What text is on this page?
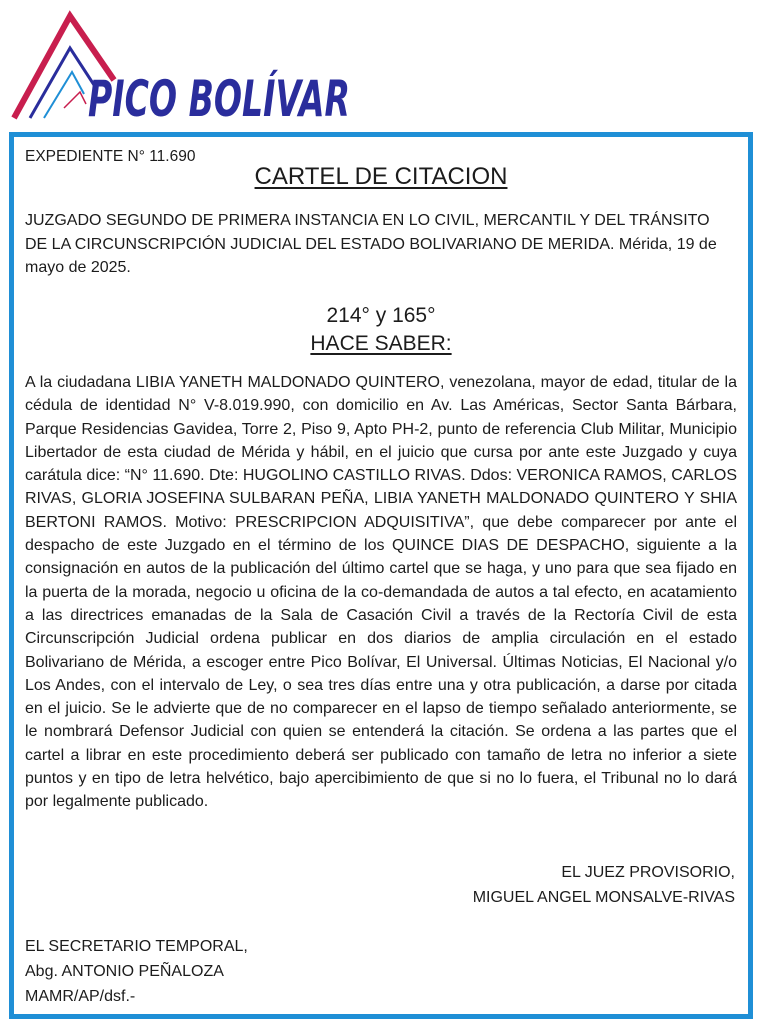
PICO BOLÍVAR
EXPEDIENTE N° 11.690
CARTEL DE CITACION
JUZGADO SEGUNDO DE PRIMERA INSTANCIA EN LO CIVIL, MERCANTIL Y DEL TRÁNSITO DE LA CIRCUNSCRIPCIÓN JUDICIAL DEL ESTADO BOLIVARIANO DE MERIDA. Mérida, 19 de mayo de 2025.
214° y 165°
HACE SABER:
A la ciudadana LIBIA YANETH MALDONADO QUINTERO, venezolana, mayor de edad, titular de la cédula de identidad N° V-8.019.990, con domicilio en Av. Las Américas, Sector Santa Bárbara, Parque Residencias Gavidea, Torre 2, Piso 9, Apto PH-2, punto de referencia Club Militar, Municipio Libertador de esta ciudad de Mérida y hábil, en el juicio que cursa por ante este Juzgado y cuya carátula dice: “N° 11.690. Dte: HUGOLINO CASTILLO RIVAS. Ddos: VERONICA RAMOS, CARLOS RIVAS, GLORIA JOSEFINA SULBARAN PEÑA, LIBIA YANETH MALDONADO QUINTERO Y SHIA BERTONI RAMOS. Motivo: PRESCRIPCION ADQUISITIVA”, que debe comparecer por ante el despacho de este Juzgado en el término de los QUINCE DIAS DE DESPACHO, siguiente a la consignación en autos de la publicación del último cartel que se haga, y uno para que sea fijado en la puerta de la morada, negocio u oficina de la co-demandada de autos a tal efecto, en acatamiento a las directrices emanadas de la Sala de Casación Civil a través de la Rectoría Civil de esta Circunscripción Judicial ordena publicar en dos diarios de amplia circulación en el estado Bolivariano de Mérida, a escoger entre Pico Bolívar, El Universal. Últimas Noticias, El Nacional y/o Los Andes, con el intervalo de Ley, o sea tres días entre una y otra publicación, a darse por citada en el juicio. Se le advierte que de no comparecer en el lapso de tiempo señalado anteriormente, se le nombrará Defensor Judicial con quien se entenderá la citación. Se ordena a las partes que el cartel a librar en este procedimiento deberá ser publicado con tamaño de letra no inferior a siete puntos y en tipo de letra helvético, bajo apercibimiento de que si no lo fuera, el Tribunal no lo dará por legalmente publicado.
EL JUEZ PROVISORIO,
MIGUEL ANGEL MONSALVE-RIVAS
EL SECRETARIO TEMPORAL,
Abg. ANTONIO PEÑALOZA
MAMR/AP/dsf.-
